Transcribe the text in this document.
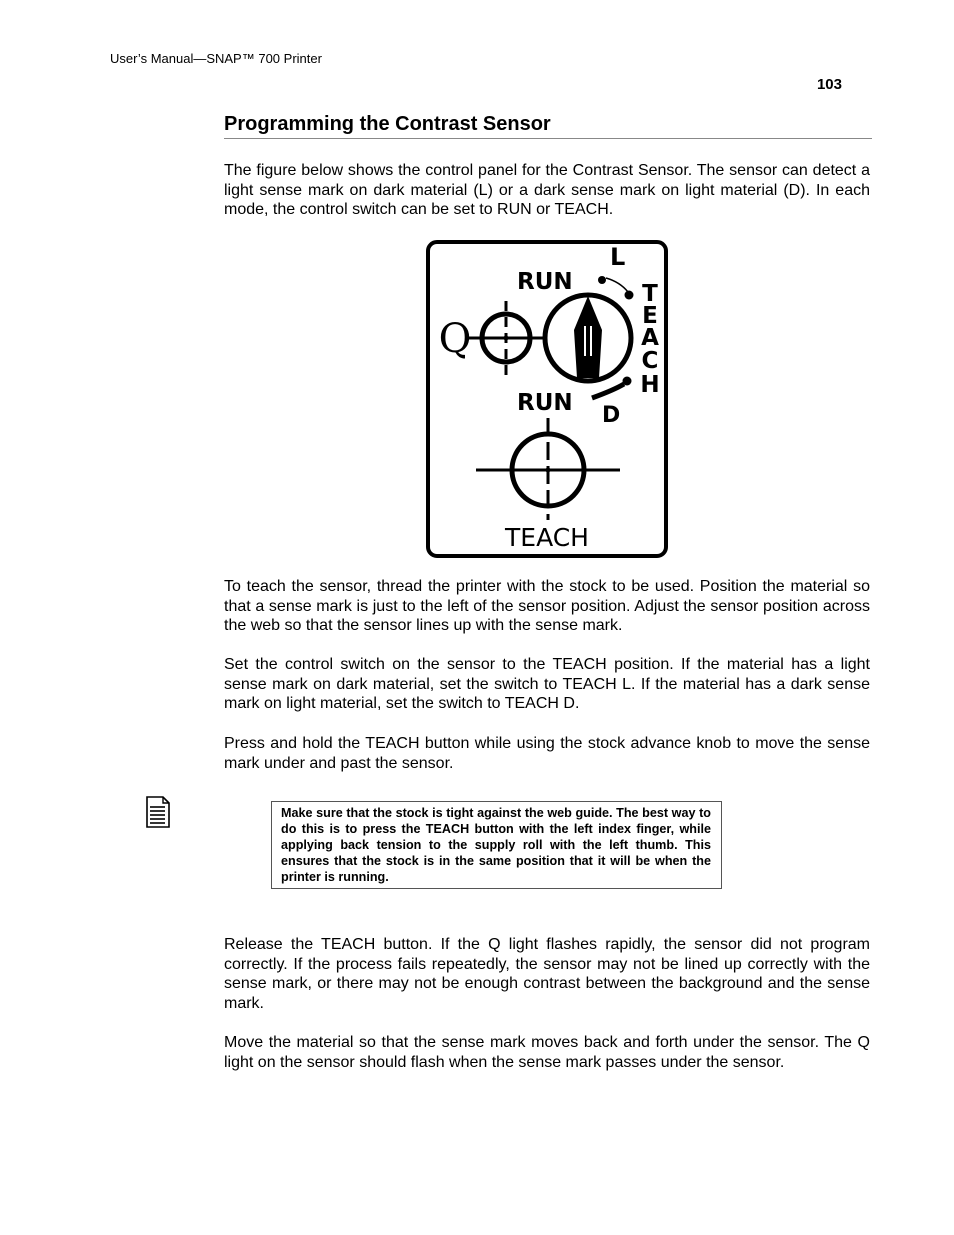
User’s Manual—SNAP™ 700 Printer
103
Programming the Contrast Sensor

The figure below shows the control panel for the Contrast Sensor. The sensor can detect a light sense mark on dark material (L) or a dark sense mark on light material (D). In each mode, the control switch can be set to RUN or TEACH.

Q
RUN
L
T
E
A
C
H
RUN D
TEACH

To teach the sensor, thread the printer with the stock to be used. Position the material so that a sense mark is just to the left of the sensor position. Adjust the sensor position across the web so that the sensor lines up with the sense mark.

Set the control switch on the sensor to the TEACH position. If the material has a light sense mark on dark material, set the switch to TEACH L. If the material has a dark sense mark on light material, set the switch to TEACH D.

Press and hold the TEACH button while using the stock advance knob to move the sense mark under and past the sensor.

Make sure that the stock is tight against the web guide. The best way to do this is to press the TEACH button with the left index finger, while applying back tension to the supply roll with the left thumb. This ensures that the stock is in the same position that it will be when the printer is running.

Release the TEACH button. If the Q light flashes rapidly, the sensor did not program correctly. If the process fails repeatedly, the sensor may not be lined up correctly with the sense mark, or there may not be enough contrast between the background and the sense mark.

Move the material so that the sense mark moves back and forth under the sensor. The Q light on the sensor should flash when the sense mark passes under the sensor.
